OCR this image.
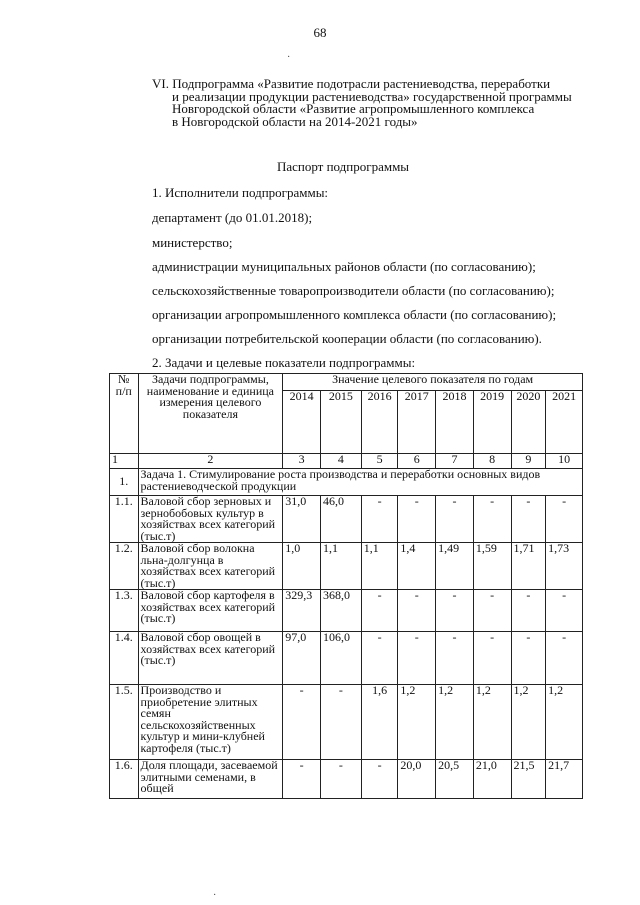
68
·
VI. Подпрограмма «Развитие подотрасли растениеводства, переработки
и реализации продукции растениеводства» государственной программы
Новгородской области «Развитие агропромышленного комплекса
в Новгородской области на 2014-2021 годы»
Паспорт подпрограммы
1. Исполнители подпрограммы:
департамент (до 01.01.2018);
министерство;
администрации муниципальных районов области (по согласованию);
сельскохозяйственные товаропроизводители области (по согласованию);
организации агропромышленного комплекса области (по согласованию);
организации потребительской кооперации области (по согласованию).
2. Задачи и целевые показатели подпрограммы:
№ п/п	Задачи подпрограммы, наименование и единица измерения целевого показателя	Значение целевого показателя по годам							
		2014	2015	2016	2017	2018	2019	2020	2021
1	2	3	4	5	6	7	8	9	10
1.	Задача 1. Стимулирование роста производства и переработки основных видов растениеводческой продукции								
1.1.	Валовой сбор зерновых и зернобобовых культур в хозяйствах всех категорий (тыс.т)	31,0	46,0	-	-	-	-	-	-
1.2.	Валовой сбор волокна льна-долгунца в хозяйствах всех категорий (тыс.т)	1,0	1,1	1,1	1,4	1,49	1,59	1,71	1,73
1.3.	Валовой сбор картофеля в хозяйствах всех категорий (тыс.т)	329,3	368,0	-	-	-	-	-	-
1.4.	Валовой сбор овощей в хозяйствах всех категорий (тыс.т)	97,0	106,0	-	-	-	-	-	-
1.5.	Производство и приобретение элитных семян сельскохозяйственных культур и мини-клубней картофеля (тыс.т)	-	-	1,6	1,2	1,2	1,2	1,2	1,2
1.6.	Доля площади, засеваемой элитными семенами, в общей	-	-	-	20,0	20,5	21,0	21,5	21,7
·
